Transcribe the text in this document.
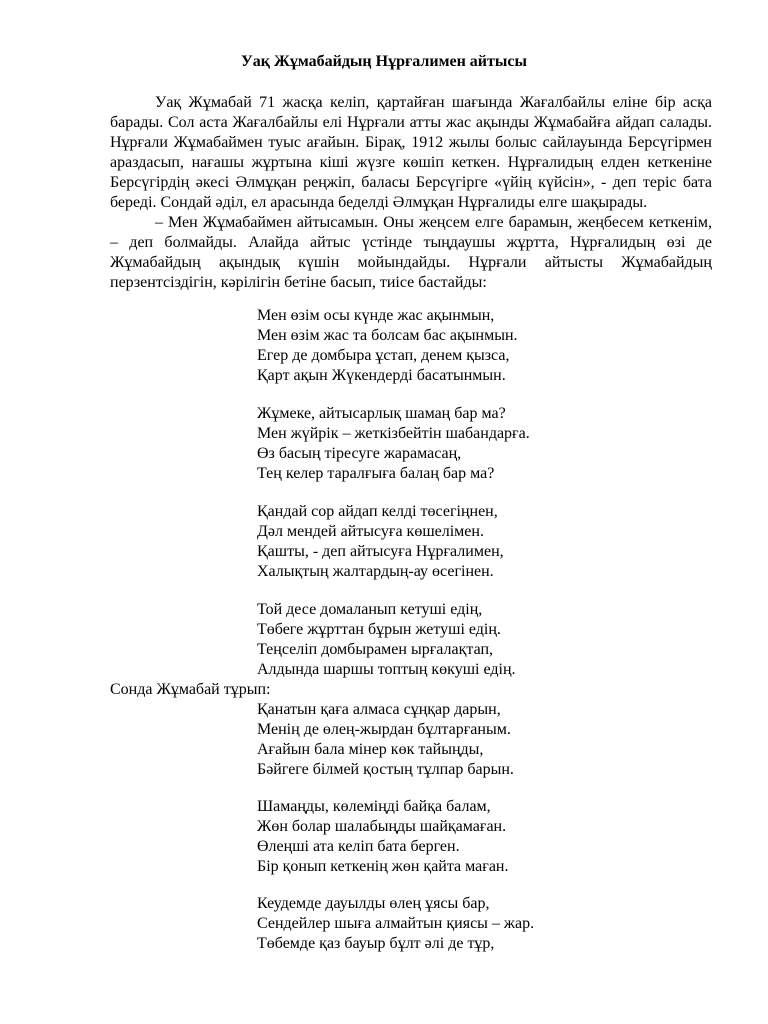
Уақ Жұмабайдың Нұрғалимен айтысы

Уақ Жұмабай 71 жасқа келіп, қартайған шағында Жағалбайлы еліне бір асқа барады. Сол аста Жағалбайлы елі Нұрғали атты жас ақынды Жұмабайға айдап салады. Нұрғали Жұмабаймен туыс ағайын. Бірақ, 1912 жылы болыс сайлауында Берсүгірмен араздасып, нағашы жұртына кіші жүзге көшіп кеткен. Нұрғалидың елден кеткеніне Берсүгірдің әкесі Әлмұқан реңжіп, баласы Берсүгірге «үйің күйсін», - деп теріс бата береді. Сондай әділ, ел арасында беделді Әлмұқан Нұрғалиды елге шақырады.

– Мен Жұмабаймен айтысамын. Оны жеңсем елге барамын, жеңбесем кеткенім, – деп болмайды. Алайда айтыс үстінде тыңдаушы жұртта, Нұрғалидың өзі де Жұмабайдың ақындық күшін мойындайды. Нұрғали айтысты Жұмабайдың перзентсіздігін, кәрілігін бетіне басып, тиісе бастайды:

Мен өзім осы күнде жас ақынмын,
Мен өзім жас та болсам бас ақынмын.
Егер де домбыра ұстап, денем қызса,
Қарт ақын Жүкендерді басатынмын.
Жұмеке, айтысарлық шамаң бар ма?
Мен жүйрік – жеткізбейтін шабандарға.
Өз басың тіресуге жарамасаң,
Тең келер таралғыға балаң бар ма?
Қандай сор айдап келді төсегіңнен,
Дәл мендей айтысуға көшелімен.
Қашты, - деп айтысуға Нұрғалимен,
Халықтың жалтардың-ау өсегінен.
Той десе домаланып кетуші едің,
Төбеге жұрттан бұрын жетуші едің.
Теңселіп домбырамен ырғалақтап,
Алдында шаршы топтың көкуші едің.
Сонда Жұмабай тұрып:
Қанатын қаға алмаса сұңқар дарын,
Менің де өлең-жырдан бұлтарғаным.
Ағайын бала мінер көк тайыңды,
Бәйгеге білмей қостың тұлпар барын.
Шамаңды, көлеміңді байқа балам,
Жөн болар шалабыңды шайқамаған.
Өлеңші ата келіп бата берген.
Бір қонып кеткенің жөн қайта маған.
Кеудемде дауылды өлең ұясы бар,
Сендейлер шыға алмайтын қиясы – жар.
Төбемде қаз бауыр бұлт әлі де тұр,
